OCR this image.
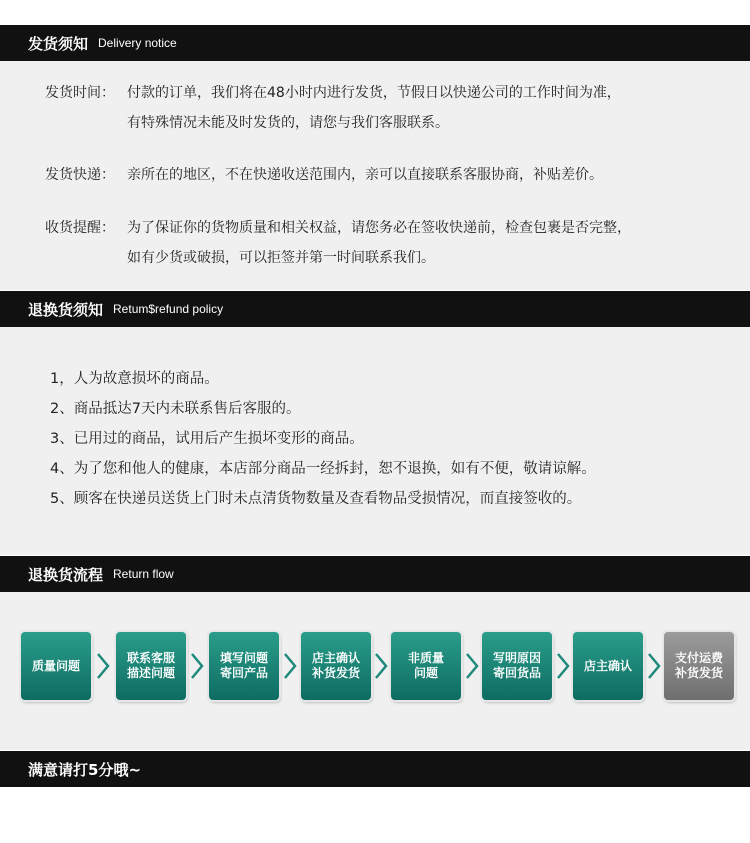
发货须知 Delivery notice
发货时间： 付款的订单，我们将在48小时内进行发货，节假日以快递公司的工作时间为准，
有特殊情况未能及时发货的，请您与我们客服联系。
发货快递： 亲所在的地区，不在快递收送范围内，亲可以直接联系客服协商，补贴差价。
收货提醒： 为了保证你的货物质量和相关权益，请您务必在签收快递前，检查包裹是否完整，
如有少货或破损，可以拒签并第一时间联系我们。
退换货须知 Retum$refund policy
1，人为故意损坏的商品。
2、商品抵达7天内未联系售后客服的。
3、已用过的商品，试用后产生损坏变形的商品。
4、为了您和他人的健康，本店部分商品一经拆封，恕不退换，如有不便，敬请谅解。
5、顾客在快递员送货上门时未点清货物数量及查看物品受损情况，而直接签收的。
退换货流程 Return flow
质量问题
联系客服
描述问题
填写问题
寄回产品
店主确认
补货发货
非质量
问题
写明原因
寄回货品
店主确认
支付运费
补货发货
满意请打5分哦~
